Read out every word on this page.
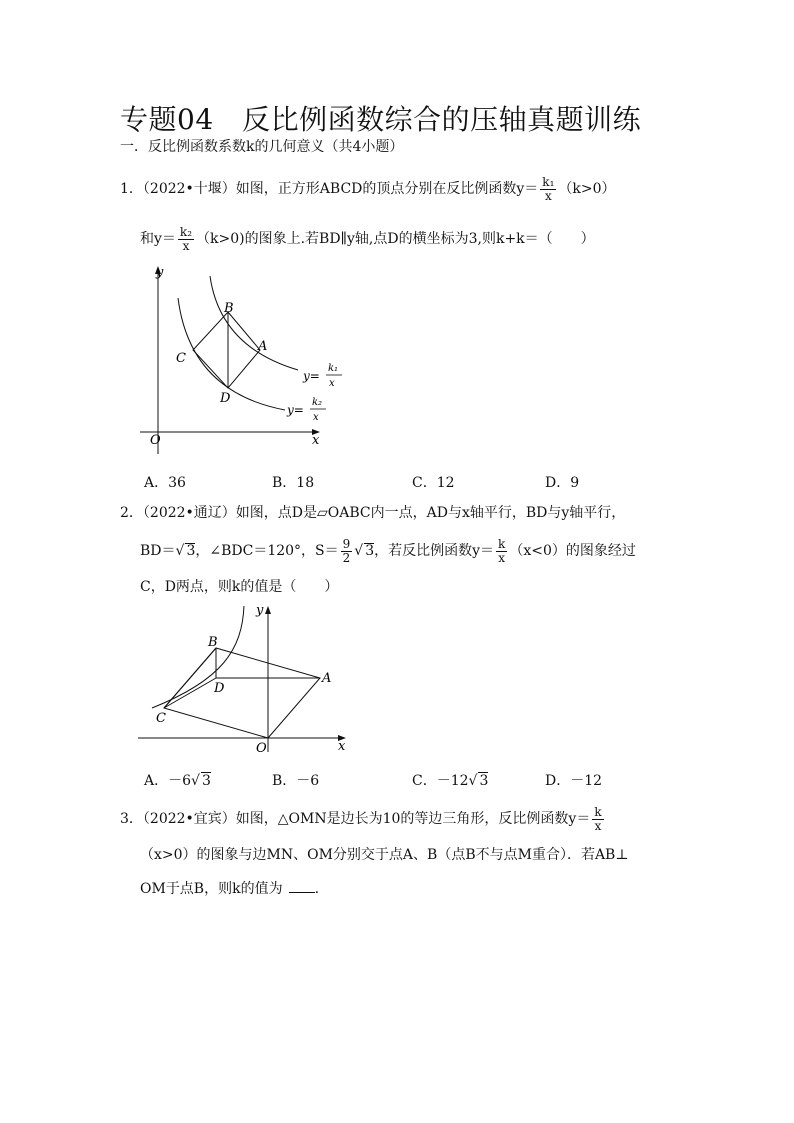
专题04　反比例函数综合的压轴真题训练
一．反比例函数系数k的几何意义（共4小题）
1．（2022•十堰）如图，正方形ABCD的顶点分别在反比例函数$y= \frac{\text{k₁}}{x} (k>0)$
和$y= \frac{\text{k₂}}{x} (k>0)$的图象上.若BD∥y轴,点D的横坐标为3,则k+k＝（　　）
y
x
O
B
A
C
D
y=
k₁
x
y=
k₂
x
A．36	B．18	C．12	D．9
2．（2022•通辽）如图，点D是▱OABC内一点，AD与x轴平行，BD与y轴平行，
BD＝√ 3，∠BDC＝120°，$S= \frac{9}{2}$ √ 3，若反比例函数$y= \frac{k}{x} (x<0)$的图象经过
C，D两点，则k的值是（　　）
y
x
O
B
A
C
D
A．－6√ 3	B．－6	C．－12√ 3	D．－12
3．（2022•宜宾）如图，△OMN是边长为10的等边三角形，反比例函数$y= \frac{k}{x}$
（x>0）的图象与边MN、OM分别交于点A、B（点B不与点M重合）．若AB⊥
OM于点B，则k的值为 .
